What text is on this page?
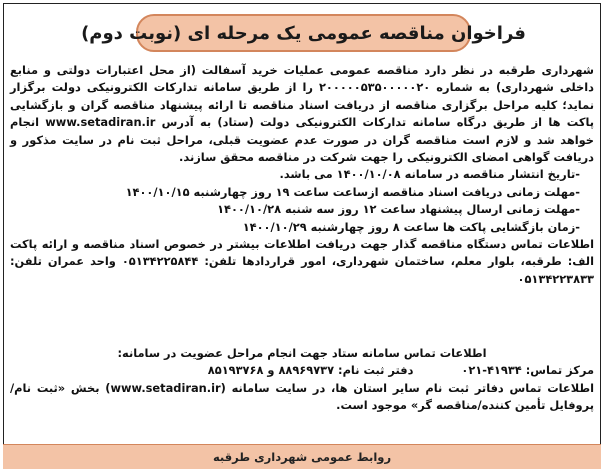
فراخوان مناقصه عمومی یک مرحله ای (نوبت دوم)

شهرداری طرقبه در نظر دارد مناقصه عمومی عملیات خرید آسفالت (از محل اعتبارات دولتی و منابع داخلی شهرداری) به شماره ۲۰۰۰۰۰۵۳۵۰۰۰۰۰۲۰ را از طریق سامانه تدارکات الکترونیکی دولت برگزار نماید؛ کلیه مراحل برگزاری مناقصه از دریافت اسناد مناقصه تا ارائه پیشنهاد مناقصه گران و بازگشایی پاکت ها از طریق درگاه سامانه تدارکات الکترونیکی دولت (ستاد) به آدرس www.setadiran.ir انجام خواهد شد و لازم است مناقصه گران در صورت عدم عضویت قبلی، مراحل ثبت نام در سایت مذکور و دریافت گواهی امضای الکترونیکی را جهت شرکت در مناقصه محقق سازند.

-تاریخ انتشار مناقصه در سامانه ۱۴۰۰/۱۰/۰۸ می باشد.

-مهلت زمانی دریافت اسناد مناقصه ازساعت ساعت ۱۹ روز چهارشنبه ۱۴۰۰/۱۰/۱۵

-مهلت زمانی ارسال پیشنهاد ساعت ۱۲ روز سه شنبه ۱۴۰۰/۱۰/۲۸

-زمان بازگشایی پاکت ها ساعت ۸ روز چهارشنبه ۱۴۰۰/۱۰/۲۹

اطلاعات تماس دستگاه مناقصه گذار جهت دریافت اطلاعات بیشتر در خصوص اسناد مناقصه و ارائه پاکت الف: طرقبه، بلوار معلم، ساختمان شهرداری، امور قراردادها تلفن: ۰۵۱۳۴۲۲۵۸۴۴ واحد عمران تلفن: ۰۵۱۳۴۲۲۳۸۳۳

اطلاعات تماس سامانه ستاد جهت انجام مراحل عضویت در سامانه:

مرکز تماس: ۴۱۹۳۴-۰۲۱  دفتر ثبت نام: ۸۸۹۶۹۷۳۷ و ۸۵۱۹۳۷۶۸

اطلاعات تماس دفاتر ثبت نام سایر استان ها، در سایت سامانه (www.setadiran.ir) بخش «ثبت نام/پروفایل تأمین کننده/مناقصه گر» موجود است.

روابط عمومی شهرداری طرقبه
